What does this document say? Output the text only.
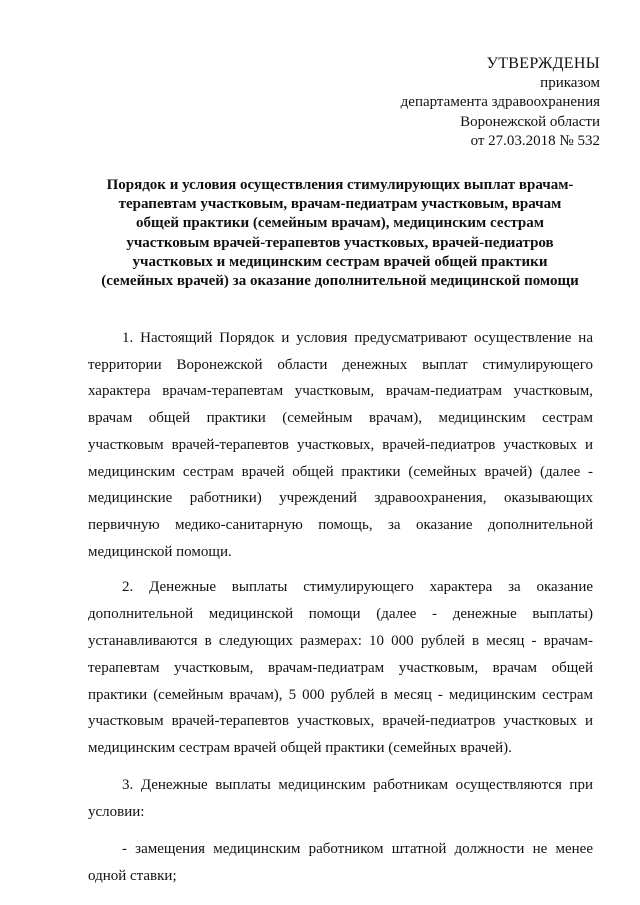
УТВЕРЖДЕНЫ
приказом
департамента здравоохранения
Воронежской области
от 27.03.2018 № 532
Порядок и условия осуществления стимулирующих выплат врачам-терапевтам участковым, врачам-педиатрам участковым, врачам общей практики (семейным врачам), медицинским сестрам участковым врачей-терапевтов участковых, врачей-педиатров участковых и медицинским сестрам врачей общей практики (семейных врачей) за оказание дополнительной медицинской помощи

1. Настоящий Порядок и условия предусматривают осуществление на территории Воронежской области денежных выплат стимулирующего характера врачам-терапевтам участковым, врачам-педиатрам участковым, врачам общей практики (семейным врачам), медицинским сестрам участковым врачей-терапевтов участковых, врачей-педиатров участковых и медицинским сестрам врачей общей практики (семейных врачей) (далее - медицинские работники) учреждений здравоохранения, оказывающих первичную медико-санитарную помощь, за оказание дополнительной медицинской помощи.

2. Денежные выплаты стимулирующего характера за оказание дополнительной медицинской помощи (далее - денежные выплаты) устанавливаются в следующих размерах: 10 000 рублей в месяц - врачам-терапевтам участковым, врачам-педиатрам участковым, врачам общей практики (семейным врачам), 5 000 рублей в месяц - медицинским сестрам участковым врачей-терапевтов участковых, врачей-педиатров участковых и медицинским сестрам врачей общей практики (семейных врачей).

3. Денежные выплаты медицинским работникам осуществляются при условии:

- замещения медицинским работником штатной должности не менее одной ставки;
